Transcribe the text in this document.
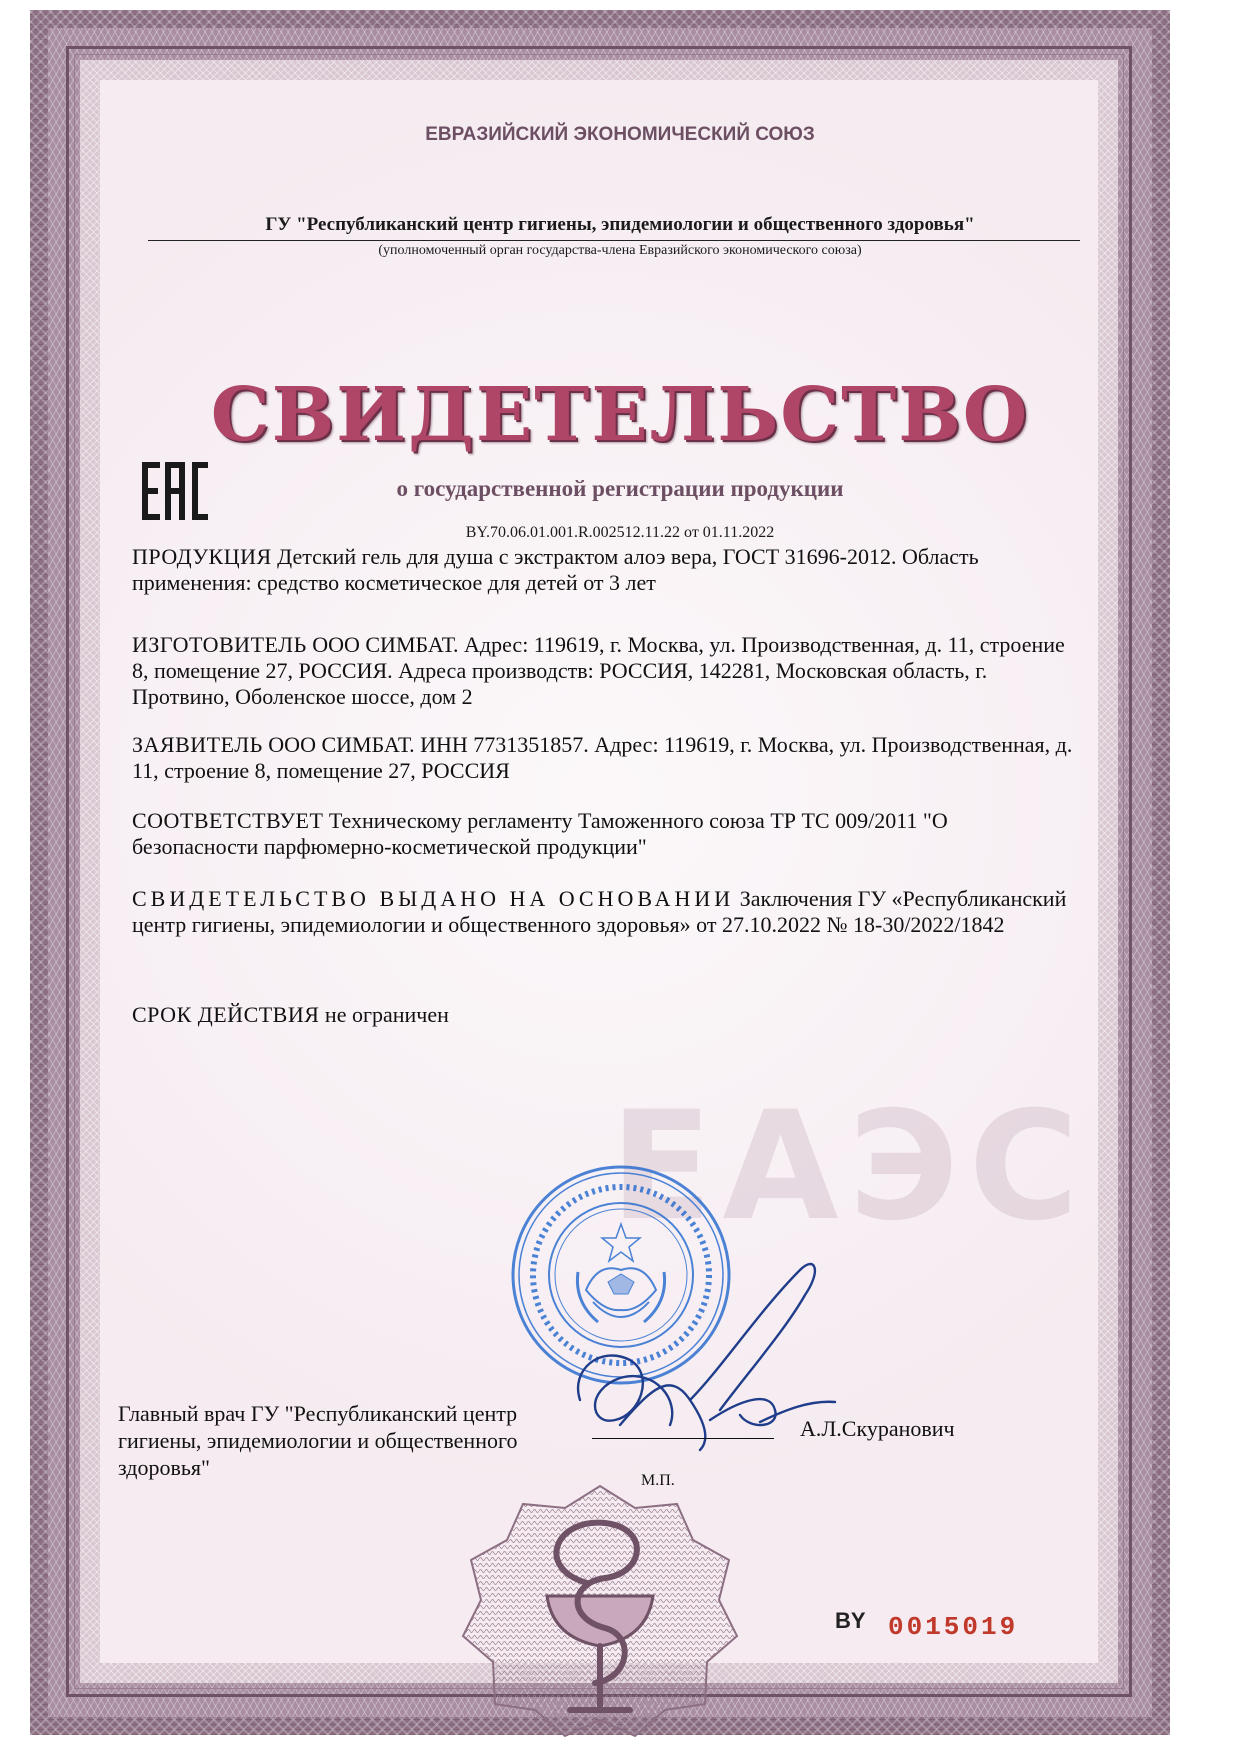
ЕАЭС
ЕВРАЗИЙСКИЙ ЭКОНОМИЧЕСКИЙ СОЮЗ
ГУ "Республиканский центр гигиены, эпидемиологии и общественного здоровья"
(уполномоченный орган государства-члена Евразийского экономического союза)
СВИДЕТЕЛЬСТВО
о государственной регистрации продукции
BY.70.06.01.001.R.002512.11.22 от 01.11.2022
ПРОДУКЦИЯ Детский гель для душа с экстрактом алоэ вера, ГОСТ 31696-2012. Область применения: средство косметическое для детей от 3 лет
ИЗГОТОВИТЕЛЬ ООО СИМБАТ. Адрес: 119619, г. Москва, ул. Производственная, д. 11, строение 8, помещение 27, РОССИЯ. Адреса производств: РОССИЯ, 142281, Московская область, г. Протвино, Оболенское шоссе, дом 2
ЗАЯВИТЕЛЬ ООО СИМБАТ. ИНН 7731351857. Адрес: 119619, г. Москва, ул. Производственная, д. 11, строение 8, помещение 27, РОССИЯ
СООТВЕТСТВУЕТ Техническому регламенту Таможенного союза ТР ТС 009/2011 "О безопасности парфюмерно-косметической продукции"
СВИДЕТЕЛЬСТВО ВЫДАНО НА ОСНОВАНИИ Заключения ГУ «Республиканский центр гигиены, эпидемиологии и общественного здоровья» от 27.10.2022 № 18-30/2022/1842
СРОК ДЕЙСТВИЯ не ограничен
Главный врач ГУ "Республиканский центр гигиены, эпидемиологии и общественного здоровья"
А.Л.Скуранович
М.П.
BY 0015019
